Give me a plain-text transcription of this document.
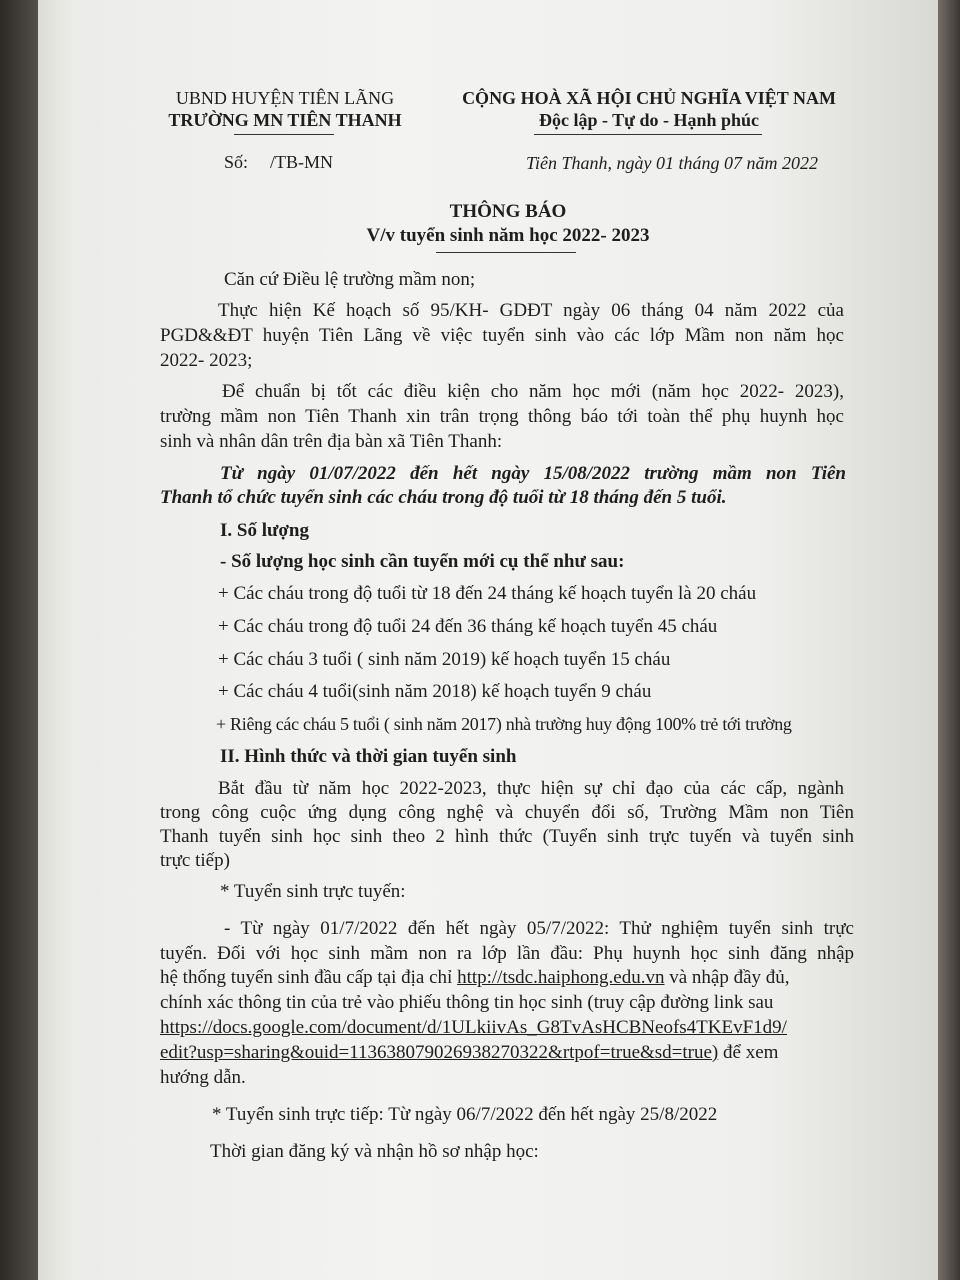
UBND HUYỆN TIÊN LÃNG
TRƯỜNG MN TIÊN THANH
CỘNG HOÀ XÃ HỘI CHỦ NGHĨA VIỆT NAM
Độc lập - Tự do - Hạnh phúc
Số: /TB-MN	Tiên Thanh, ngày 01 tháng 07 năm 2022
THÔNG BÁO
V/v tuyển sinh năm học 2022- 2023
Căn cứ Điều lệ trường mầm non;
Thực hiện Kế hoạch số 95/KH- GDĐT ngày 06 tháng 04 năm 2022 của
PGD&&ĐT huyện Tiên Lãng về việc tuyển sinh vào các lớp Mầm non năm học
2022- 2023;
Để chuẩn bị tốt các điều kiện cho năm học mới (năm học 2022- 2023),
trường mầm non Tiên Thanh xin trân trọng thông báo tới toàn thể phụ huynh học
sinh và nhân dân trên địa bàn xã Tiên Thanh:
Từ ngày 01/07/2022 đến hết ngày 15/08/2022 trường mầm non Tiên
Thanh tổ chức tuyển sinh các cháu trong độ tuổi từ 18 tháng đến 5 tuổi.
I. Số lượng
- Số lượng học sinh cần tuyển mới cụ thể như sau:
+ Các cháu trong độ tuổi từ 18 đến 24 tháng kế hoạch tuyển là 20 cháu
+ Các cháu trong độ tuổi 24 đến 36 tháng kế hoạch tuyển 45 cháu
+ Các cháu 3 tuổi ( sinh năm 2019) kế hoạch tuyển 15 cháu
+ Các cháu 4 tuổi(sinh năm 2018) kế hoạch tuyển 9 cháu
+ Riêng các cháu 5 tuổi ( sinh năm 2017) nhà trường huy động 100% trẻ tới trường
II. Hình thức và thời gian tuyển sinh
Bắt đầu từ năm học 2022-2023, thực hiện sự chỉ đạo của các cấp, ngành
trong công cuộc ứng dụng công nghệ và chuyển đổi số, Trường Mầm non Tiên
Thanh tuyển sinh học sinh theo 2 hình thức (Tuyển sinh trực tuyến và tuyển sinh
trực tiếp)
* Tuyển sinh trực tuyến:
- Từ ngày 01/7/2022 đến hết ngày 05/7/2022: Thử nghiệm tuyển sinh trực
tuyến. Đối với học sinh mầm non ra lớp lần đầu: Phụ huynh học sinh đăng nhập
hệ thống tuyển sinh đầu cấp tại địa chỉ http://tsdc.haiphong.edu.vn và nhập đầy đủ,
chính xác thông tin của trẻ vào phiếu thông tin học sinh (truy cập đường link sau
https://docs.google.com/document/d/1ULkiivAs_G8TvAsHCBNeofs4TKEvF1d9/
edit?usp=sharing&ouid=113638079026938270322&rtpof=true&sd=true) để xem
hướng dẫn.
* Tuyển sinh trực tiếp: Từ ngày 06/7/2022 đến hết ngày 25/8/2022
Thời gian đăng ký và nhận hồ sơ nhập học:
